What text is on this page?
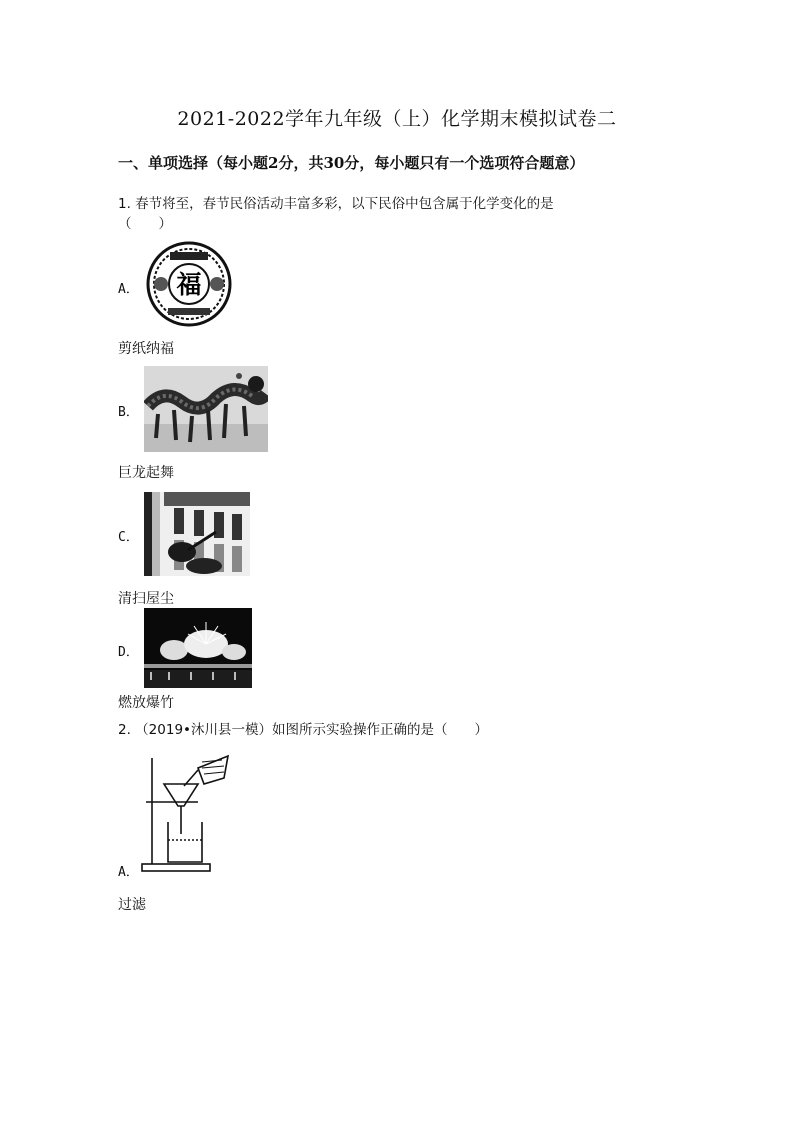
2021-2022学年九年级（上）化学期末模拟试卷二
一、单项选择（每小题2分，共30分，每小题只有一个选项符合题意）
1. 春节将至，春节民俗活动丰富多彩，以下民俗中包含属于化学变化的是
（　　）
A． 福
剪纸纳福
B．
巨龙起舞
C．
清扫屋尘
D．
燃放爆竹
2. （2019•沐川县一模）如图所示实验操作正确的是（　　）
A．
过滤
